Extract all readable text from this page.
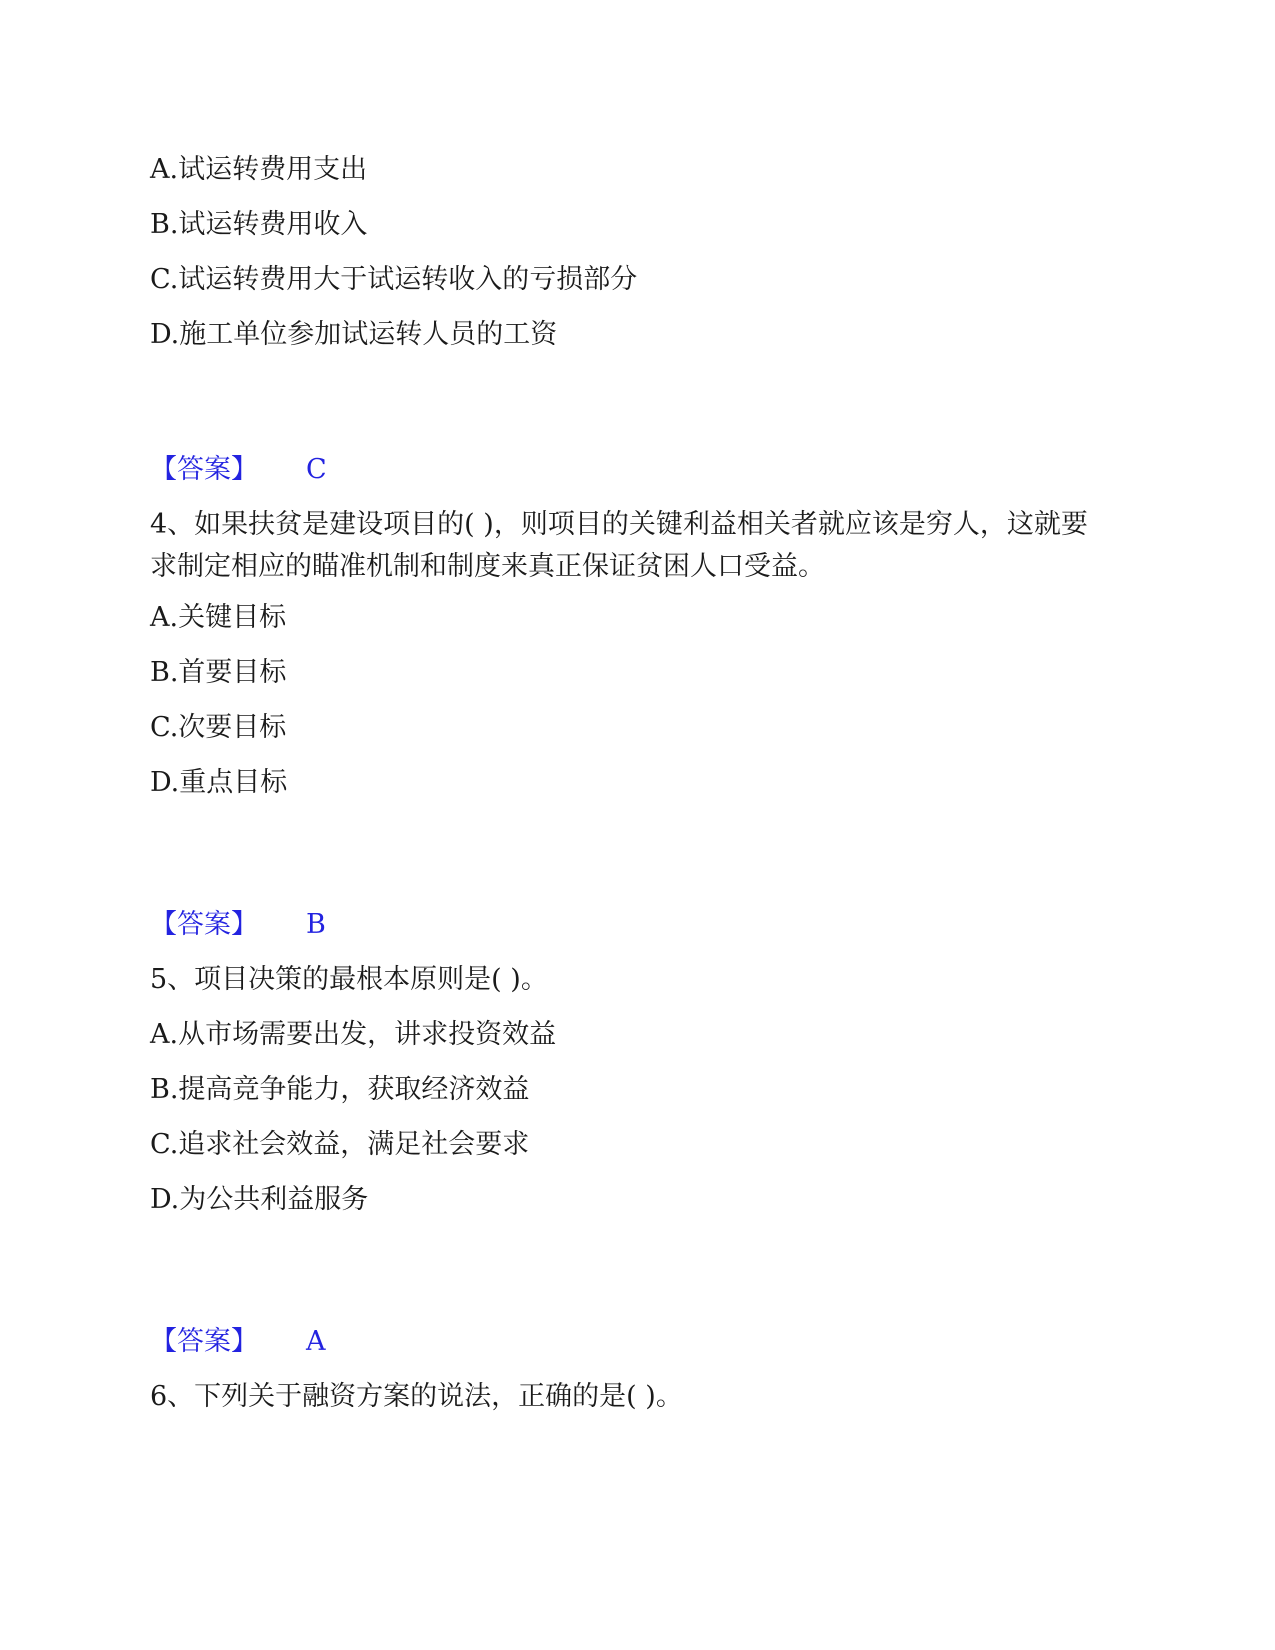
A.试运转费用支出
B.试运转费用收入
C.试运转费用大于试运转收入的亏损部分
D.施工单位参加试运转人员的工资
【答案】 C
4、如果扶贫是建设项目的( )，则项目的关键利益相关者就应该是穷人，这就要求制定相应的瞄准机制和制度来真正保证贫困人口受益。
A.关键目标
B.首要目标
C.次要目标
D.重点目标
【答案】 B
5、项目决策的最根本原则是( )。
A.从市场需要出发，讲求投资效益
B.提高竞争能力，获取经济效益
C.追求社会效益，满足社会要求
D.为公共利益服务
【答案】 A
6、下列关于融资方案的说法，正确的是( )。
